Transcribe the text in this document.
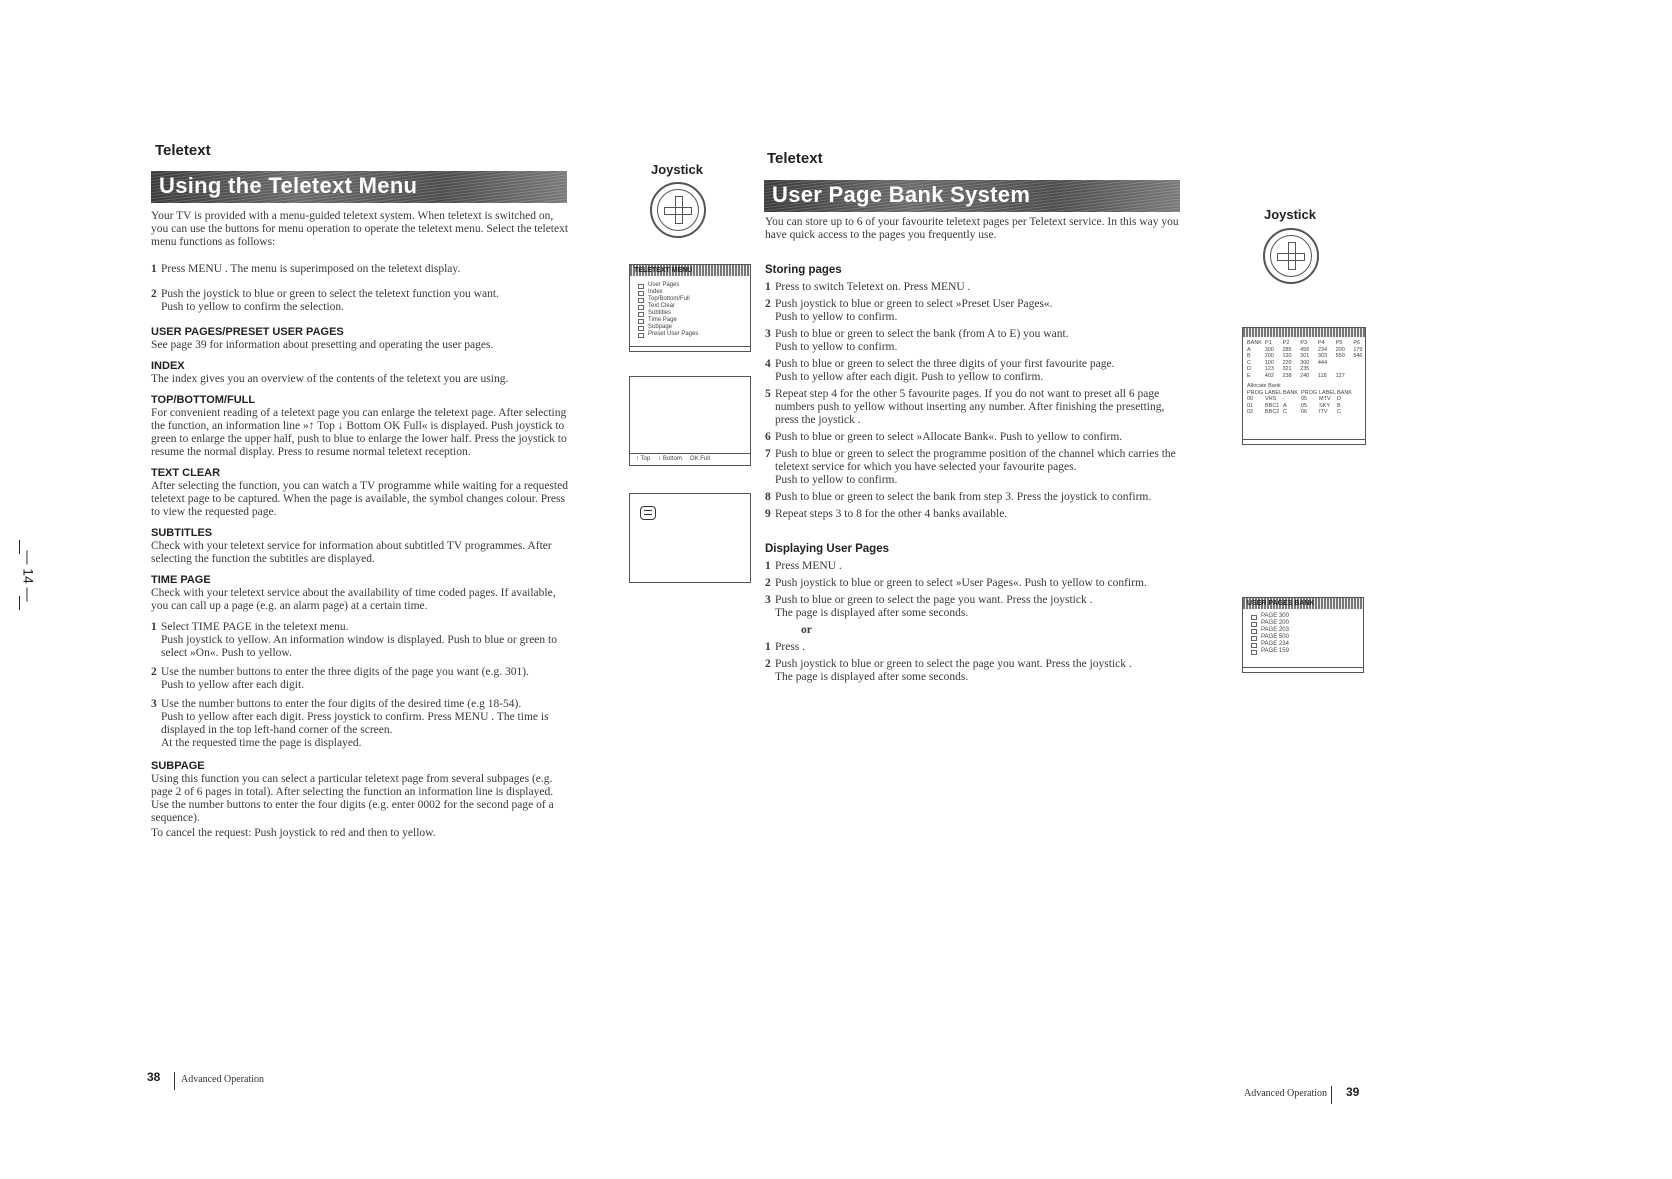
Teletext
Using the Teletext Menu

Your TV is provided with a menu-guided teletext system. When teletext is switched on, you can use the buttons for menu operation to operate the teletext menu. Select the teletext menu functions as follows:

1 Press MENU . The menu is superimposed on the teletext display.

2 Push the joystick to blue or green to select the teletext function you want.
Push to yellow to confirm the selection.

USER PAGES/PRESET USER PAGES

See page 39 for information about presetting and operating the user pages.

INDEX

The index gives you an overview of the contents of the teletext you are using.

TOP/BOTTOM/FULL

For convenient reading of a teletext page you can enlarge the teletext page. After selecting the function, an information line »↑ Top ↓ Bottom OK Full« is displayed. Push joystick to green to enlarge the upper half, push to blue to enlarge the lower half. Press the joystick to resume the normal display. Press to resume normal teletext reception.

TEXT CLEAR

After selecting the function, you can watch a TV programme while waiting for a requested teletext page to be captured. When the page is available, the symbol changes colour. Press to view the requested page.

SUBTITLES

Check with your teletext service for information about subtitled TV programmes. After selecting the function the subtitles are displayed.

TIME PAGE

Check with your teletext service about the availability of time coded pages. If available, you can call up a page (e.g. an alarm page) at a certain time.

1 Select TIME PAGE in the teletext menu.
Push joystick to yellow. An information window is displayed. Push to blue or green to select »On«. Push to yellow.

2 Use the number buttons to enter the three digits of the page you want (e.g. 301).
Push to yellow after each digit.

3 Use the number buttons to enter the four digits of the desired time (e.g 18-54).
Push to yellow after each digit. Press joystick to confirm. Press MENU . The time is displayed in the top left-hand corner of the screen.
At the requested time the page is displayed.

SUBPAGE

Using this function you can select a particular teletext page from several subpages (e.g. page 2 of 6 pages in total). After selecting the function an information line is displayed. Use the number buttons to enter the four digits (e.g. enter 0002 for the second page of a sequence).

To cancel the request: Push joystick to red and then to yellow.

— 14 —
38 Advanced Operation
Joystick
TELETEXT MENU
User Pages
Index
Top/Bottom/Full
Text Clear
Subtitles
Time Page
Subpage
Preset User Pages
↑ Top ↓ Bottom OK Full
Teletext
User Page Bank System

You can store up to 6 of your favourite teletext pages per Teletext service. In this way you have quick access to the pages you frequently use.

Storing pages

1 Press to switch Teletext on. Press MENU .

2 Push joystick to blue or green to select »Preset User Pages«.
Push to yellow to confirm.

3 Push to blue or green to select the bank (from A to E) you want.
Push to yellow to confirm.

4 Push to blue or green to select the three digits of your first favourite page.
Push to yellow after each digit. Push to yellow to confirm.

5 Repeat step 4 for the other 5 favourite pages. If you do not want to preset all 6 page numbers push to yellow without inserting any number. After finishing the presetting, press the joystick .

6 Push to blue or green to select »Allocate Bank«. Push to yellow to confirm.

7 Push to blue or green to select the programme position of the channel which carries the teletext service for which you have selected your favourite pages.
Push to yellow to confirm.

8 Push to blue or green to select the bank from step 3. Press the joystick to confirm.

9 Repeat steps 3 to 8 for the other 4 banks available.

Displaying User Pages

1 Press MENU .

2 Push joystick to blue or green to select »User Pages«. Push to yellow to confirm.

3 Push to blue or green to select the page you want. Press the joystick .
The page is displayed after some seconds.

or

1 Press .

2 Push joystick to blue or green to select the page you want. Press the joystick .
The page is displayed after some seconds.

Joystick
BANK P1	P2	P3	P4	P5	P6
A	300	285	456	234	200	179
B	200	120	301	303	550	546
C	100	220	300	444
D	123	321	235
E	402	238	240	118	127
Allocate Bank
PROG LABEL BANK PROG LABEL BANK
00	VHS -	05	MTV D
01	BBC1 A	05	SKY B
02	BBC2 C	06	ITV	C
USER PAGES BANK
PAGE 300
PAGE 200
PAGE 203
PAGE 500
PAGE 234
PAGE 159
Advanced Operation 39
